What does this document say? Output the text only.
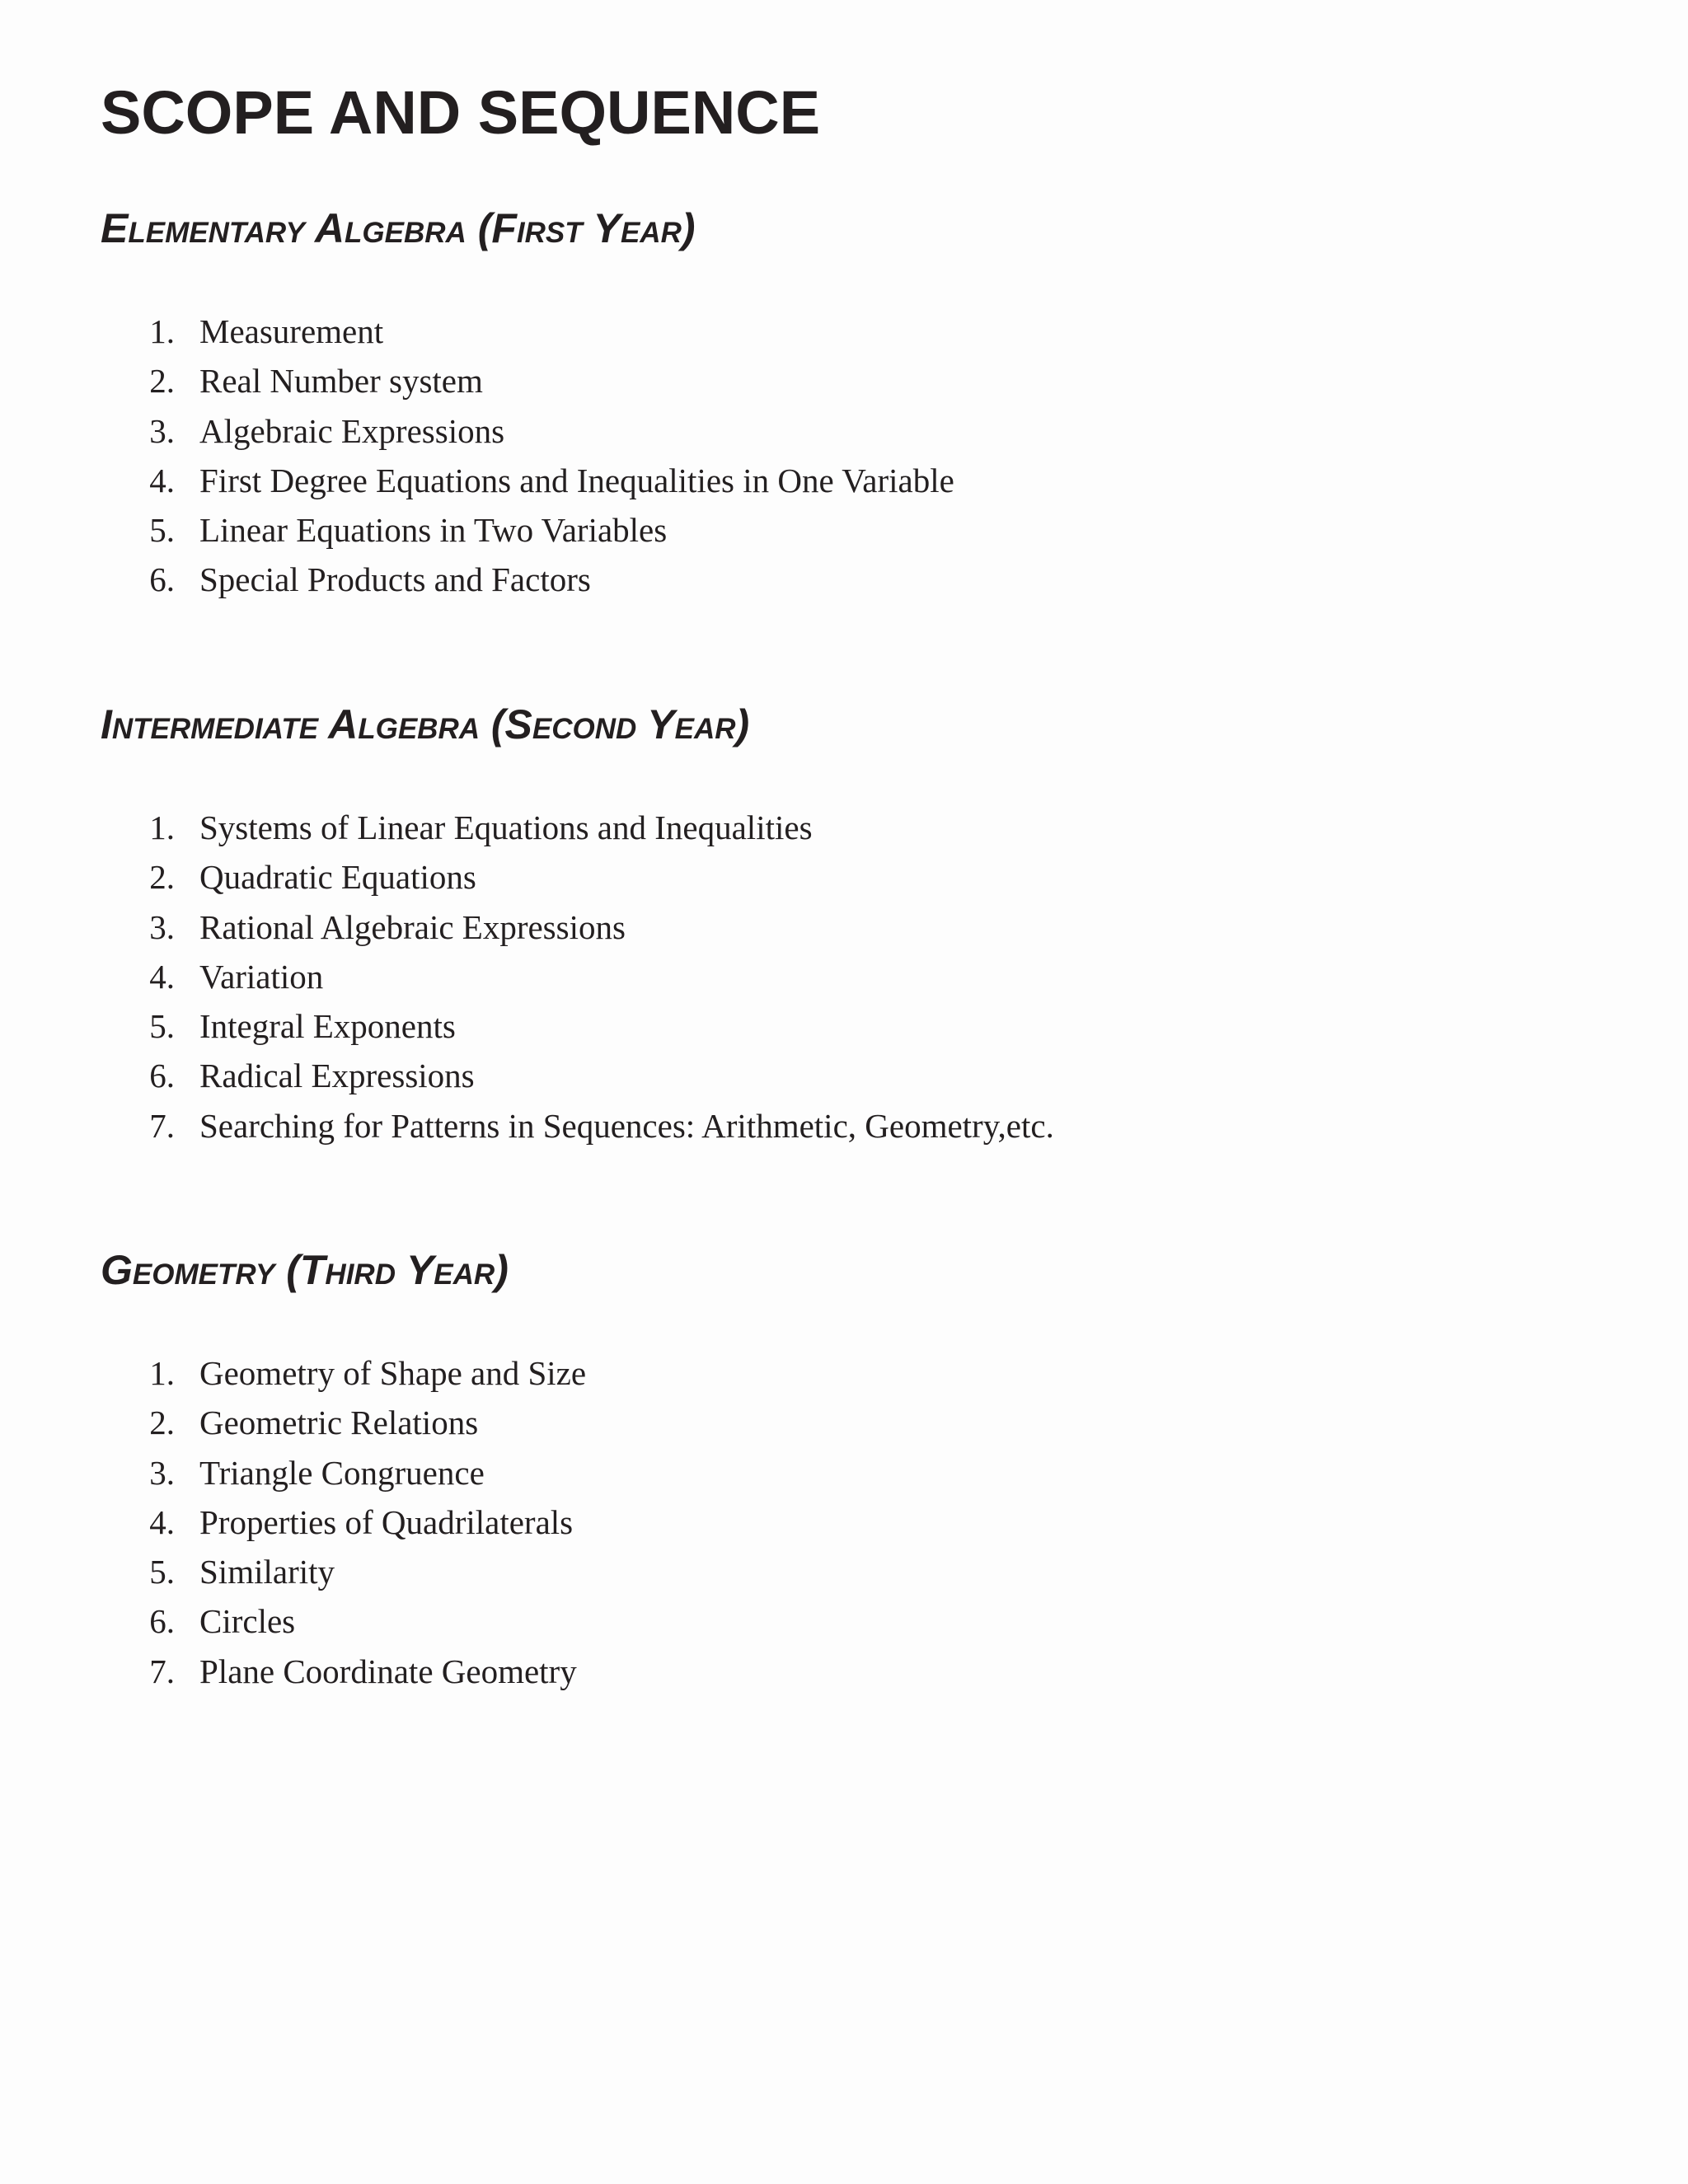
SCOPE AND SEQUENCE
Elementary Algebra (First Year)
1. Measurement
2. Real Number system
3. Algebraic Expressions
4. First Degree Equations and Inequalities in One Variable
5. Linear Equations in Two Variables
6. Special Products and Factors
Intermediate Algebra (Second Year)
1. Systems of Linear Equations and Inequalities
2. Quadratic Equations
3. Rational Algebraic Expressions
4. Variation
5. Integral Exponents
6. Radical Expressions
7. Searching for Patterns in Sequences: Arithmetic, Geometry,etc.
Geometry (Third Year)
1. Geometry of Shape and Size
2. Geometric Relations
3. Triangle Congruence
4. Properties of Quadrilaterals
5. Similarity
6. Circles
7. Plane Coordinate Geometry
